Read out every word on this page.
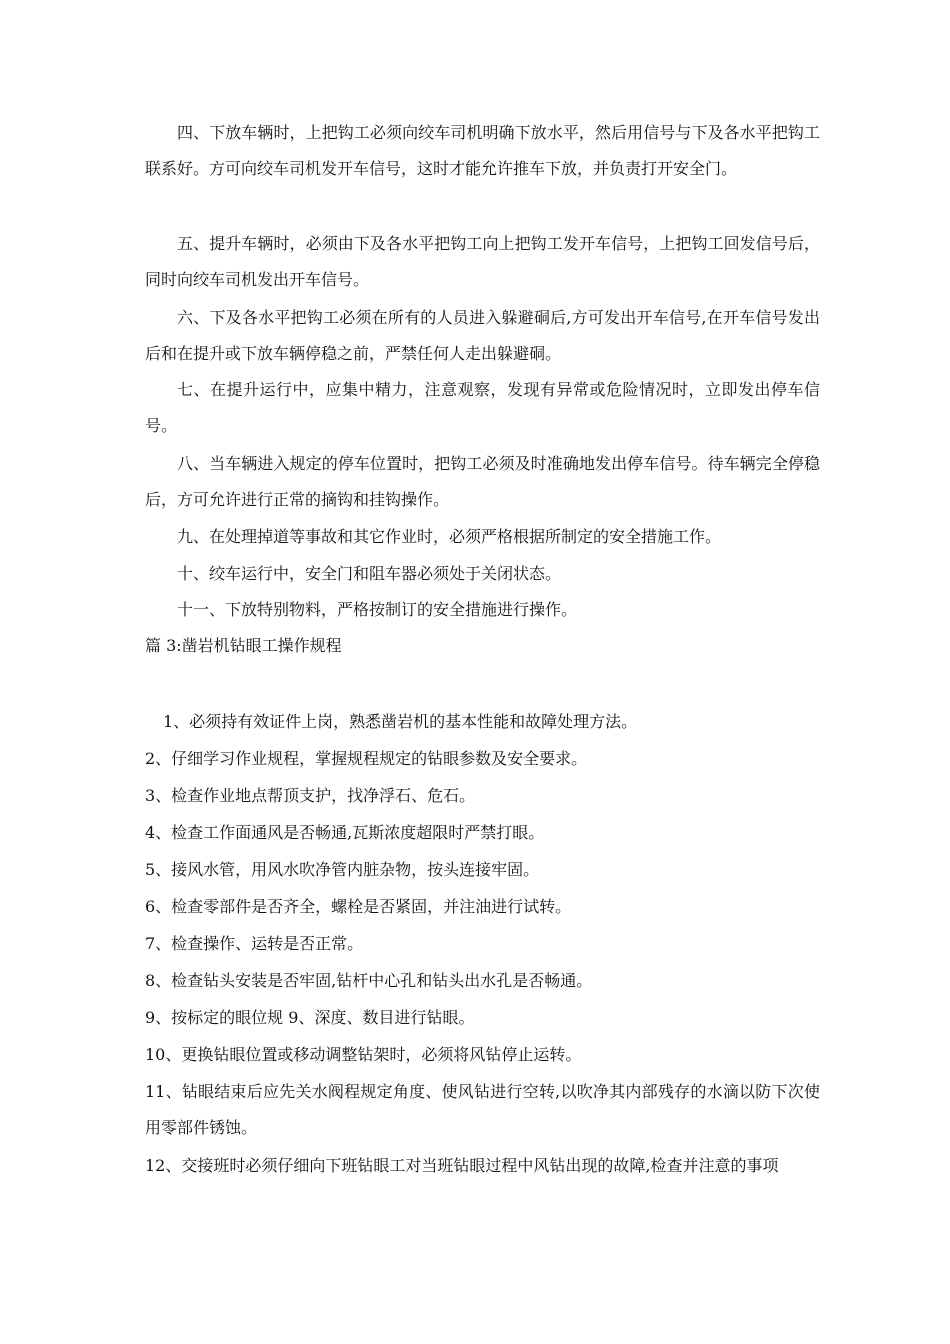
四、下放车辆时，上把钩工必须向绞车司机明确下放水平，然后用信号与下及各水平把钩工联系好。方可向绞车司机发开车信号，这时才能允许推车下放，并负责打开安全门。

五、提升车辆时，必须由下及各水平把钩工向上把钩工发开车信号，上把钩工回发信号后，同时向绞车司机发出开车信号。

六、下及各水平把钩工必须在所有的人员进入躲避硐后,方可发出开车信号,在开车信号发出后和在提升或下放车辆停稳之前，严禁任何人走出躲避硐。

七、在提升运行中，应集中精力，注意观察，发现有异常或危险情况时，立即发出停车信号。

八、当车辆进入规定的停车位置时，把钩工必须及时准确地发出停车信号。待车辆完全停稳后，方可允许进行正常的摘钩和挂钩操作。

九、在处理掉道等事故和其它作业时，必须严格根据所制定的安全措施工作。

十、绞车运行中，安全门和阻车器必须处于关闭状态。

十一、下放特别物料，严格按制订的安全措施进行操作。

篇 3:凿岩机钻眼工操作规程

1、必须持有效证件上岗，熟悉凿岩机的基本性能和故障处理方法。

2、仔细学习作业规程，掌握规程规定的钻眼参数及安全要求。

3、检查作业地点帮顶支护，找净浮石、危石。

4、检查工作面通风是否畅通,瓦斯浓度超限时严禁打眼。

5、接风水管，用风水吹净管内脏杂物，按头连接牢固。

6、检查零部件是否齐全，螺栓是否紧固，并注油进行试转。

7、检查操作、运转是否正常。

8、检查钻头安装是否牢固,钻杆中心孔和钻头出水孔是否畅通。

9、按标定的眼位规 9、深度、数目进行钻眼。

10、更换钻眼位置或移动调整钻架时，必须将风钻停止运转。

11、钻眼结束后应先关水阀程规定角度、使风钻进行空转,以吹净其内部残存的水滴以防下次使用零部件锈蚀。

12、交接班时必须仔细向下班钻眼工对当班钻眼过程中风钻出现的故障,检查并注意的事项
